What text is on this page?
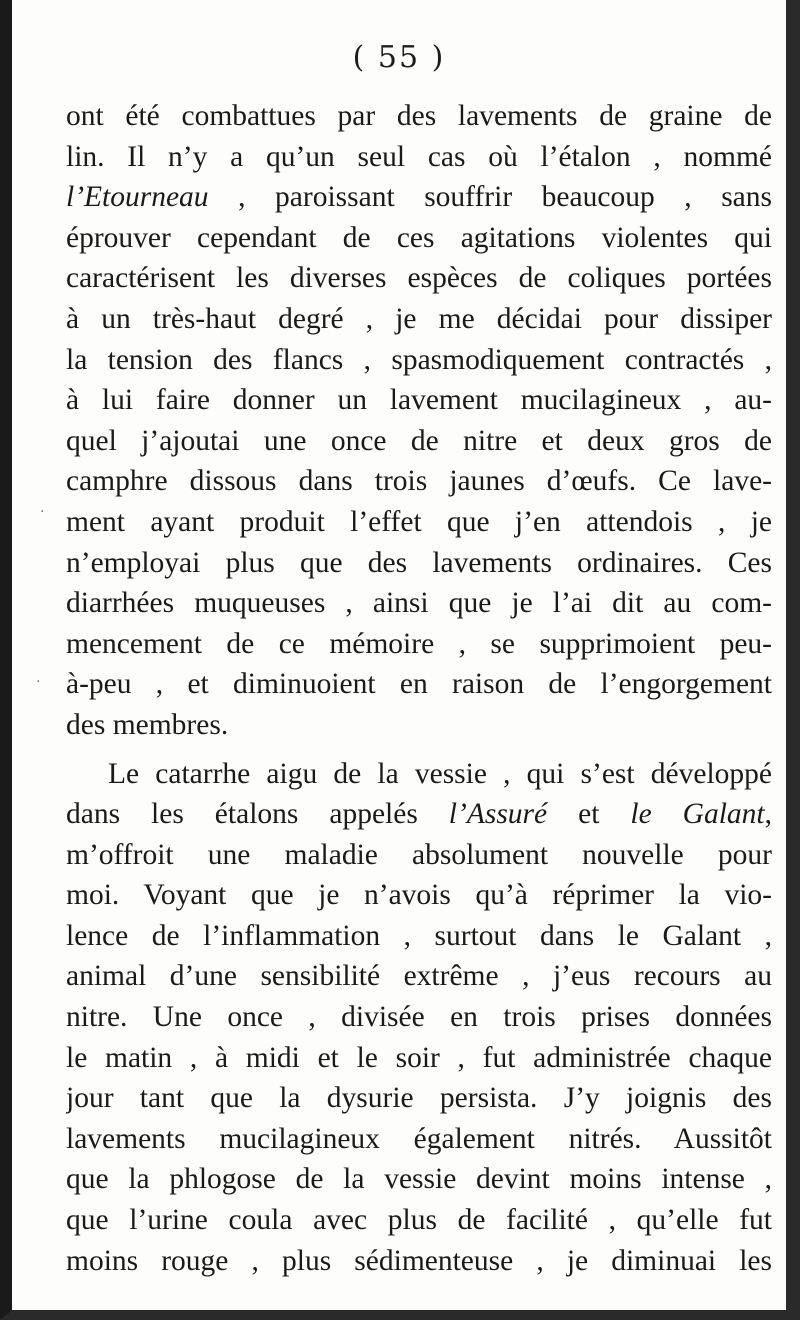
( 55 )
ont été combattues par des lavements de graine de
lin. Il n’y a qu’un seul cas où l’étalon , nommé
l’Etourneau , paroissant souffrir beaucoup , sans
éprouver cependant de ces agitations violentes qui
caractérisent les diverses espèces de coliques portées
à un très-haut degré , je me décidai pour dissiper
la tension des flancs , spasmodiquement contractés ,
à lui faire donner un lavement mucilagineux , au-
quel j’ajoutai une once de nitre et deux gros de
camphre dissous dans trois jaunes d’œufs. Ce lave-
ment ayant produit l’effet que j’en attendois , je
n’employai plus que des lavements ordinaires. Ces
diarrhées muqueuses , ainsi que je l’ai dit au com-
mencement de ce mémoire , se supprimoient peu-
à-peu , et diminuoient en raison de l’engorgement
des membres.
Le catarrhe aigu de la vessie , qui s’est développé
dans les étalons appelés l’Assuré et le Galant,
m’offroit une maladie absolument nouvelle pour
moi. Voyant que je n’avois qu’à réprimer la vio-
lence de l’inflammation , surtout dans le Galant ,
animal d’une sensibilité extrême , j’eus recours au
nitre. Une once , divisée en trois prises données
le matin , à midi et le soir , fut administrée chaque
jour tant que la dysurie persista. J’y joignis des
lavements mucilagineux également nitrés. Aussitôt
que la phlogose de la vessie devint moins intense ,
que l’urine coula avec plus de facilité , qu’elle fut
moins rouge , plus sédimenteuse , je diminuai les
·
·
